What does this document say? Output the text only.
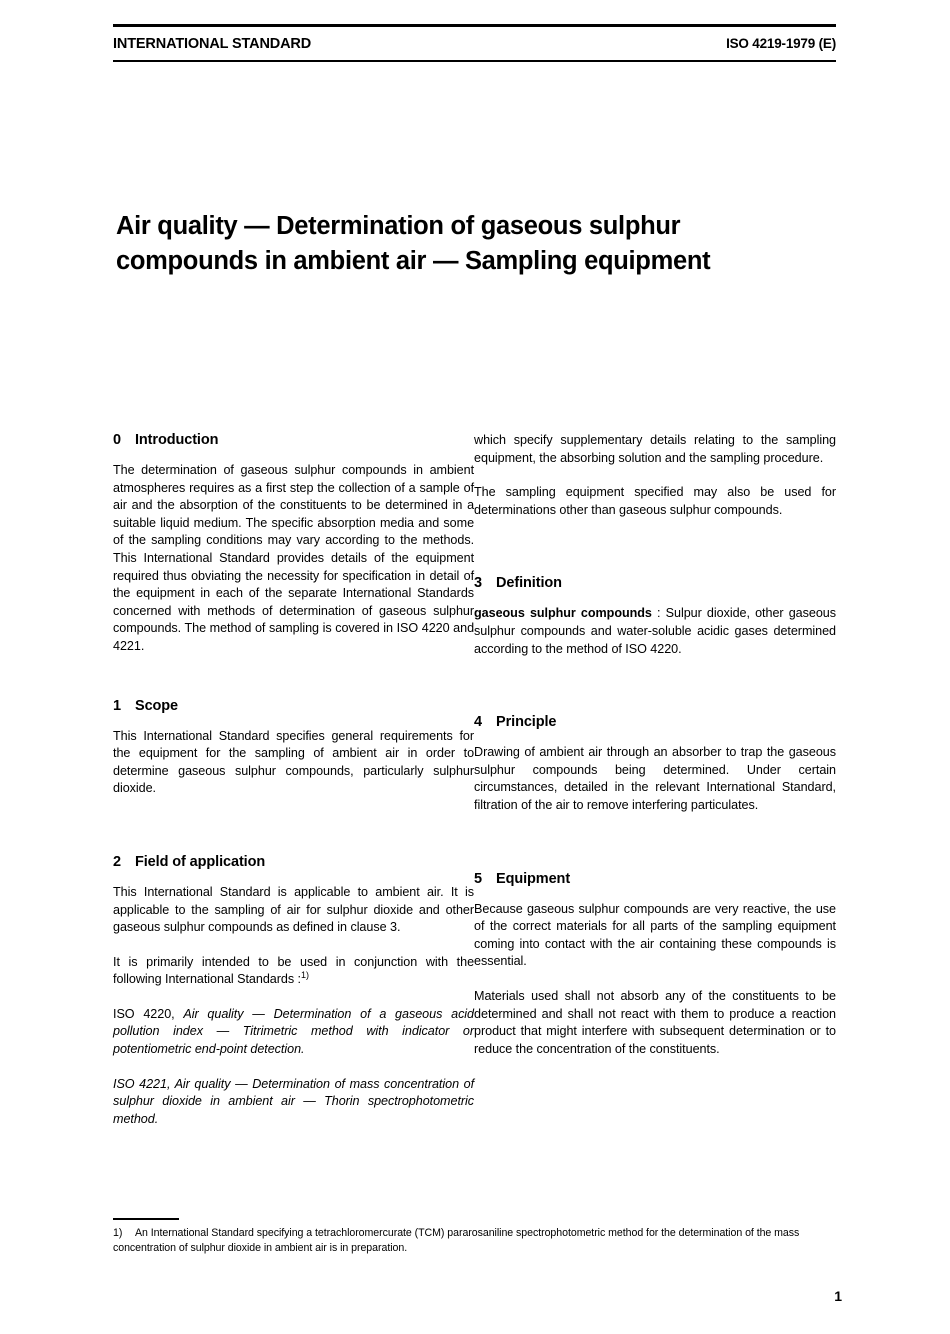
INTERNATIONAL STANDARD	ISO 4219-1979 (E)
Air quality — Determination of gaseous sulphur
compounds in ambient air — Sampling equipment
0 Introduction

The determination of gaseous sulphur compounds in ambient atmospheres requires as a first step the collection of a sample of air and the absorption of the constituents to be determined in a suitable liquid medium. The specific absorption media and some of the sampling conditions may vary according to the methods. This International Standard provides details of the equipment required thus obviating the necessity for specification in detail of the equipment in each of the separate International Standards concerned with methods of determination of gaseous sulphur compounds. The method of sampling is covered in ISO 4220 and 4221.

1 Scope

This International Standard specifies general requirements for the equipment for the sampling of ambient air in order to determine gaseous sulphur compounds, particularly sulphur dioxide.

2 Field of application

This International Standard is applicable to ambient air. It is applicable to the sampling of air for sulphur dioxide and other gaseous sulphur compounds as defined in clause 3.

It is primarily intended to be used in conjunction with the following International Standards :$^{1)}$

ISO 4220, Air quality — Determination of a gaseous acid pollution index — Titrimetric method with indicator or potentiometric end-point detection.

ISO 4221, Air quality — Determination of mass concentration of sulphur dioxide in ambient air — Thorin spectrophotometric method.

which specify supplementary details relating to the sampling equipment, the absorbing solution and the sampling procedure.

The sampling equipment specified may also be used for determinations other than gaseous sulphur compounds.

3 Definition

gaseous sulphur compounds : Sulpur dioxide, other gaseous sulphur compounds and water-soluble acidic gases determined according to the method of ISO 4220.

4 Principle

Drawing of ambient air through an absorber to trap the gaseous sulphur compounds being determined. Under certain circumstances, detailed in the relevant International Standard, filtration of the air to remove interfering particulates.

5 Equipment

Because gaseous sulphur compounds are very reactive, the use of the correct materials for all parts of the sampling equipment coming into contact with the air containing these compounds is essential.

Materials used shall not absorb any of the constituents to be determined and shall not react with them to produce a reaction product that might interfere with subsequent determination or to reduce the concentration of the constituents.

1) An International Standard specifying a tetrachloromercurate (TCM) pararosaniline spectrophotometric method for the determination of the mass concentration of sulphur dioxide in ambient air is in preparation.

1
